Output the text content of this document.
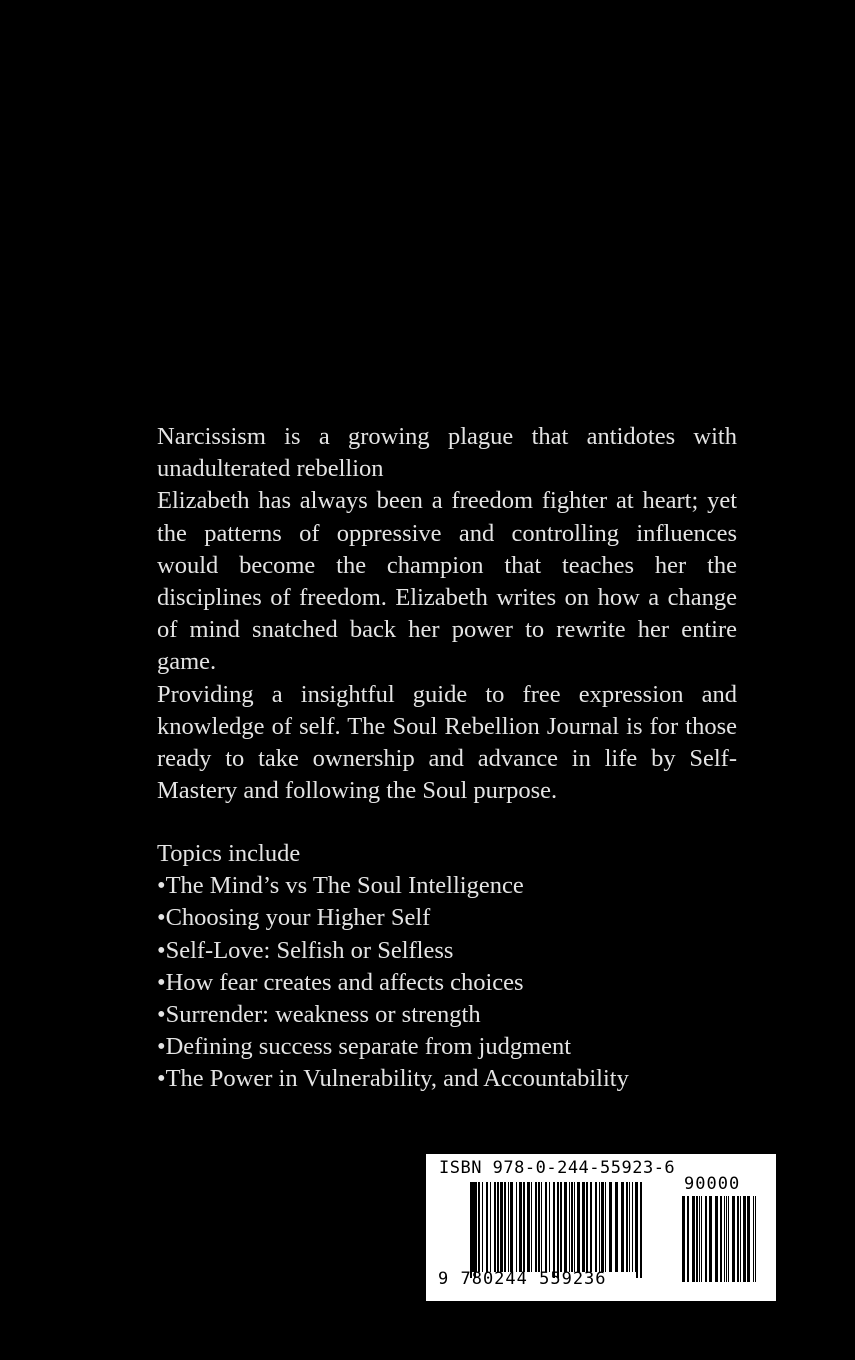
Narcissism is a growing plague that antidotes with unadulterated rebellion

Elizabeth has always been a freedom fighter at heart; yet the patterns of oppressive and controlling influences would become the champion that teaches her the disciplines of freedom. Elizabeth writes on how a change of mind snatched back her power to rewrite her entire game.

Providing a insightful guide to free expression and knowledge of self. The Soul Rebellion Journal is for those ready to take ownership and advance in life by Self- Mastery and following the Soul purpose.

Topics include

•The Mind’s vs The Soul Intelligence
•Choosing your Higher Self
•Self-Love: Selfish or Selfless
•How fear creates and affects choices
•Surrender: weakness or strength
•Defining success separate from judgment
•The Power in Vulnerability, and Accountability
ISBN 978-0-244-55923-6
90000
9 780244 559236
